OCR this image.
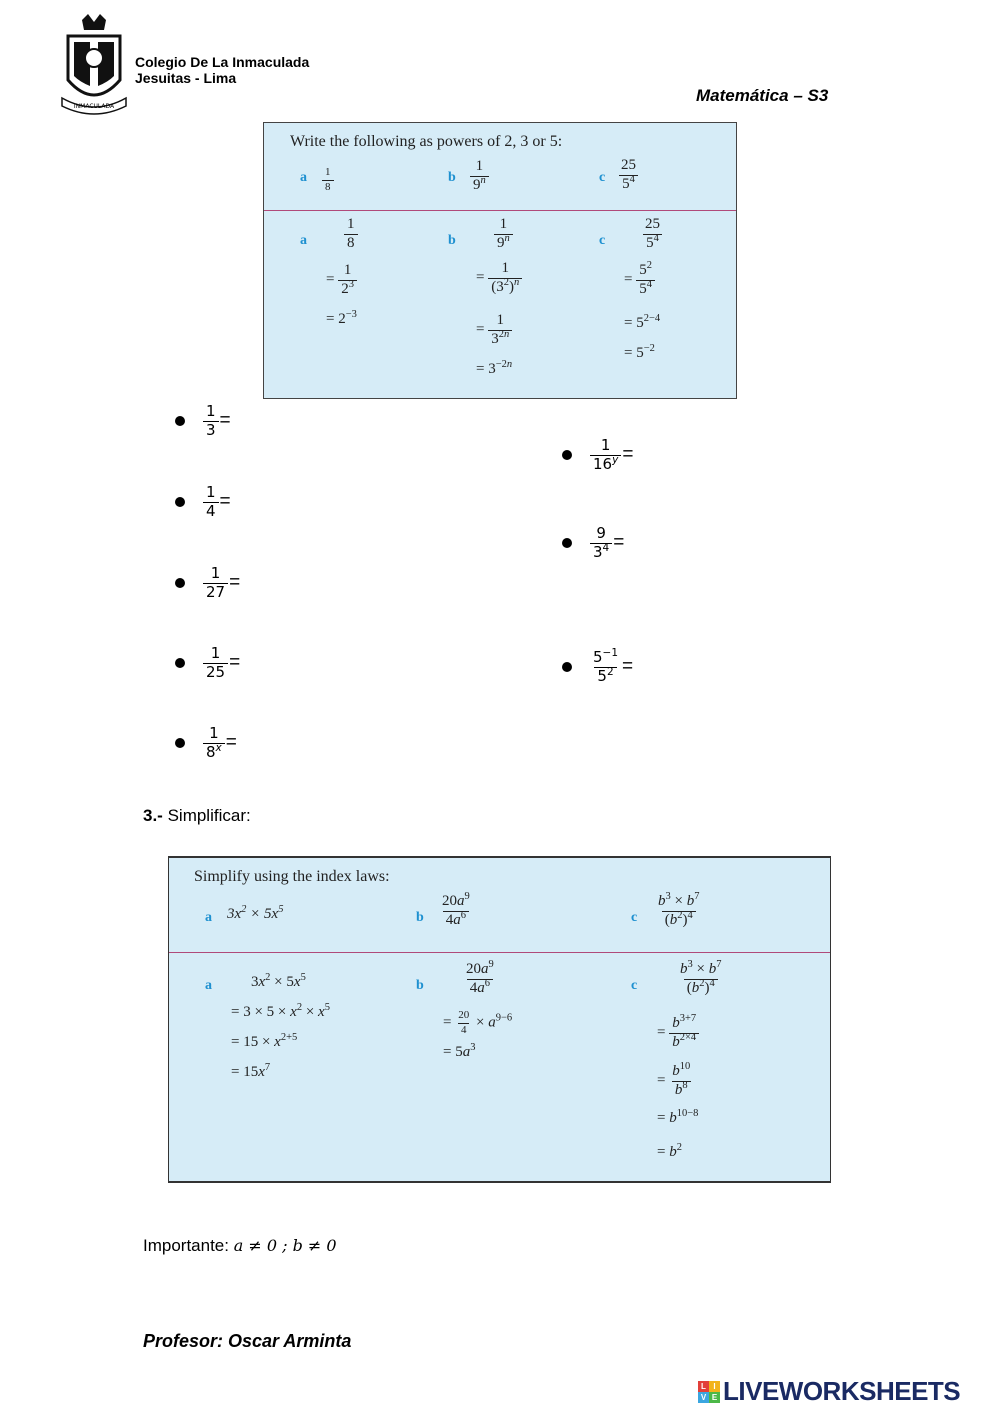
INMACULADA
Colegio De La Inmaculada
Jesuitas - Lima
Matemática – S3
Write the following as powers of 2, 3 or 5:
a $\frac{1}{8}$	b $\frac{1}{9^n}$	c $\frac{25}{5^4}$
a $\frac{1}{8}$
= $\frac{1}{2^3}$
= $2^{-3}$
b	$\frac{1}{9^n}$
= $\frac{1}{(3^2)^n}$
= $\frac{1}{3^{2n}}$
= $3^{-2n}$
c $\frac{25}{5^4}$
= $\frac{5^2}{5^4}$
= $5^{2-4}$
= $5^{-2}$
$\frac{1}{3}$ =
$\frac{1}{4}$ =
$\frac{1}{27}$ =
$\frac{1}{25}$ =
$\frac{1}{8^x}$ =
$\frac{1}{16^y}$ =
$\frac{9}{3^4}$ =
$\frac{5^{-1}}{5^2}$ =
3.- Simplificar:
Simplify using the index laws:
a $3x^2 \times 5x^5$
b $\frac{20a^9}{4a^6}$	c $\frac{b^3 \times b^7}{(b^2)^4}$
a	$3x^2 \times 5x^5$
= $3 \times 5 \times x^2 \times x^5$
= $15 \times x^{2+5}$
= $15x^7$
b	$\frac{20a^9}{4a^6}$
= $\frac{20}{4} \times a^{9-6}$
= $5a^3$
c	$\frac{b^3 \times b^7}{(b^2)^4}$
= $\frac{b^{3+7}}{b^{2\times 4}}$
= $\frac{b^{10}}{b^8}$
= $b^{10-8}$
= $b^2$
Importante: a ≠ 0 ; b ≠ 0
Profesor: Oscar Arminta
L I
V E LIVEWORKSHEETS
